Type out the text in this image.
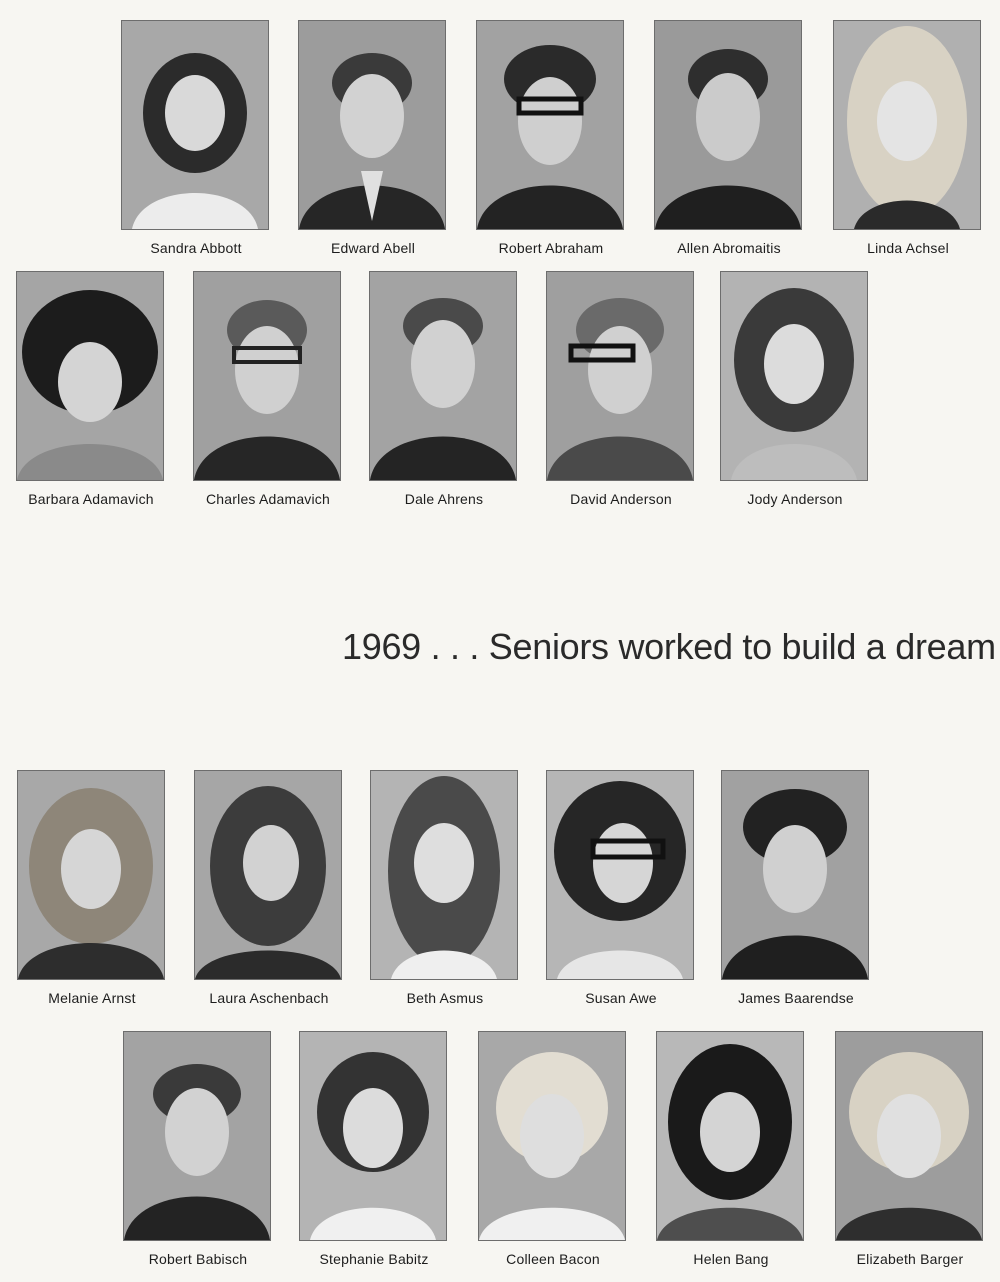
Sandra Abbott	Edward Abell	Robert Abraham	Allen Abromaitis	Linda Achsel
Barbara Adamavich	Charles Adamavich	Dale Ahrens	David Anderson	Jody Anderson
1969 . . . Seniors worked to build a dream
Melanie Arnst	Laura Aschenbach	Beth Asmus	Susan Awe	James Baarendse
Robert Babisch	Stephanie Babitz	Colleen Bacon	Helen Bang	Elizabeth Barger
